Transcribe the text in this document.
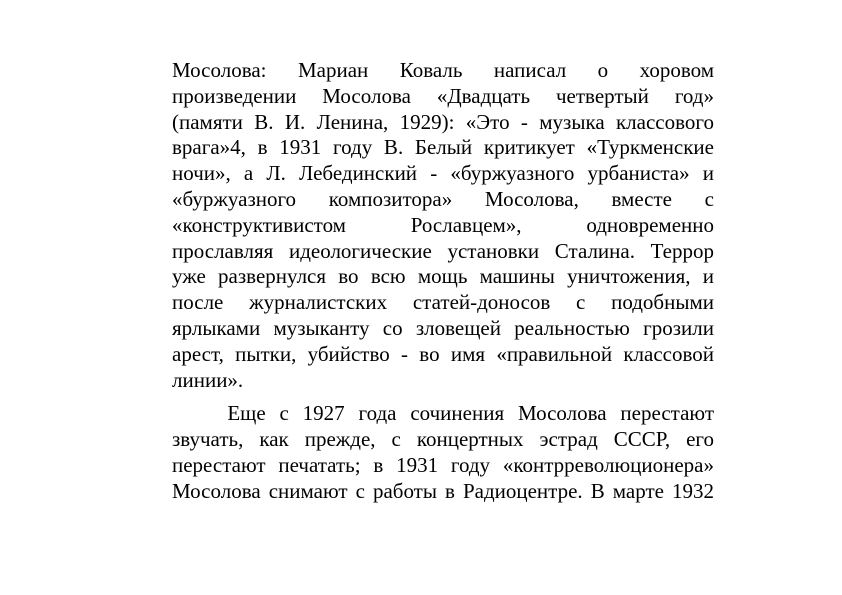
Мосолова: Мариан Коваль написал о хоровом
произведении Мосолова «Двадцать четвертый год»
(памяти В. И. Ленина, 1929): «Это - музыка классового
врага»4, в 1931 году В. Белый критикует «Туркменские
ночи», а Л. Лебединский - «буржуазного урбаниста» и
«буржуазного композитора» Мосолова, вместе с
«конструктивистом Рославцем», одновременно
прославляя идеологические установки Сталина. Террор
уже развернулся во всю мощь машины уничтожения, и
после журналистских статей-доносов с подобными
ярлыками музыканту со зловещей реальностью грозили
арест, пытки, убийство - во имя «правильной классовой
линии».
Еще с 1927 года сочинения Мосолова перестают
звучать, как прежде, с концертных эстрад СССР, его
перестают печатать; в 1931 году «контрреволюционера»
Мосолова снимают с работы в Радиоцентре. В марте 1932
